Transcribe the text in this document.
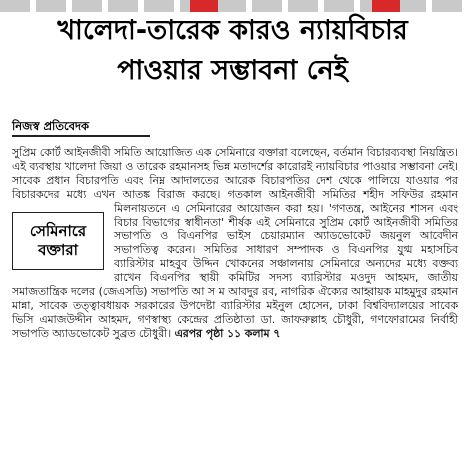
খালেদা-তারেক কারও ন্যায়বিচার
পাওয়ার সম্ভাবনা নেই
নিজস্ব প্রতিবেদক
সুপ্রিম কোর্ট আইনজীবী সমিতি আয়োজিত এক সেমিনারে বক্তারা বলেছেন, বর্তমান বিচারব্যবস্থা নিয়ন্ত্রিত। এই ব্যবস্থায় খালেদা জিয়া ও তারেক রহমানসহ ভিন্ন মতাদর্শের কারোরই ন্যায়বিচার পাওয়ার সম্ভাবনা নেই। সাবেক প্রধান বিচারপতি এবং নিম্ন আদালতের আরেক বিচারপতির দেশ থেকে পালিয়ে যাওয়ার পর বিচারকদের মধ্যে এখন আতঙ্ক বিরাজ করছে। গতকাল আইনজীবী সমিতির শহীদ সফিউর রহমান
সেমিনারে
বক্তারা
মিলনায়তনে এ সেমিনারের আয়োজন করা হয়। 'গণতন্ত্র, আইনের শাসন এবং বিচার বিভাগের স্বাধীনতা' শীর্ষক এই সেমিনারে সুপ্রিম কোর্ট আইনজীবী সমিতির সভাপতি ও বিএনপির ভাইস চেয়ারম্যান অ্যাডভোকেট জয়নুল আবেদীন সভাপতিত্ব করেন। সমিতির সাধারণ সম্পাদক ও বিএনপির যুগ্ম মহাসচিব ব্যারিস্টার মাহবুব উদ্দিন খোকনের সঞ্চালনায় সেমিনারে অন্যদের মধ্যে বক্তব্য রাখেন বিএনপির স্থায়ী কমিটির সদস্য ব্যারিস্টার মওদুদ আহমদ, জাতীয় সমাজতান্ত্রিক দলের (জেএসডি) সভাপতি আ স ম আবদুর রব, নাগরিক ঐক্যের আহ্বায়ক মাহমুদুর রহমান মান্না, সাবেক তত্ত্বাবধায়ক সরকারের উপদেষ্টা ব্যারিস্টার মইনুল হোসেন, ঢাকা বিশ্ববিদ্যালয়ের সাবেক ভিসি এমাজউদ্দীন আহমদ, গণস্বাস্থ্য কেন্দ্রের প্রতিষ্ঠাতা ডা. জাফরুল্লাহ চৌধুরী, গণফোরামের নির্বাহী সভাপতি অ্যাডভোকেট সুব্রত চৌধুরী। এরপর পৃষ্ঠা ১১ কলাম ৭
